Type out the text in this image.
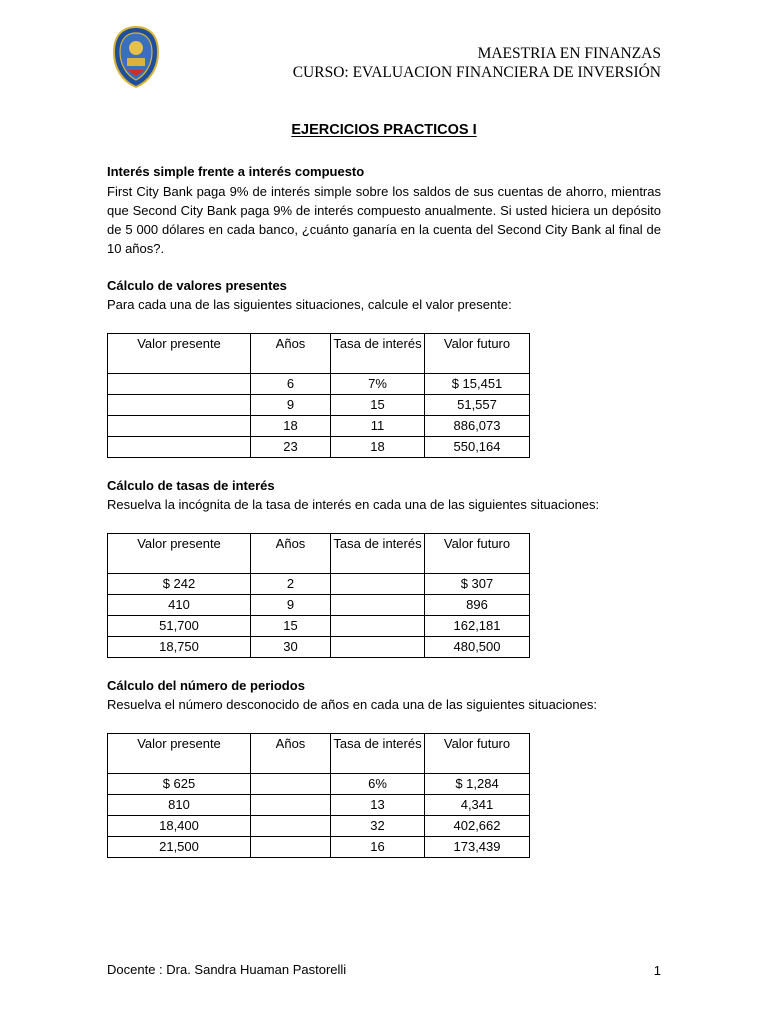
MAESTRIA EN FINANZAS
CURSO: EVALUACION FINANCIERA DE INVERSIÓN
EJERCICIOS PRACTICOS I
Interés simple frente a interés compuesto
First City Bank paga 9% de interés simple sobre los saldos de sus cuentas de ahorro, mientras que Second City Bank paga 9% de interés compuesto anualmente. Si usted hiciera un depósito de 5 000 dólares en cada banco, ¿cuánto ganaría en la cuenta del Second City Bank al final de 10 años?.
Cálculo de valores presentes
Para cada una de las siguientes situaciones, calcule el valor presente:
Valor presente	Años	Tasa de interés	Valor futuro
	6	7%	$ 15,451
	9	15	51,557
	18	11	886,073
	23	18	550,164
Cálculo de tasas de interés
Resuelva la incógnita de la tasa de interés en cada una de las siguientes situaciones:
Valor presente	Años	Tasa de interés	Valor futuro
$ 242	2		$ 307
410	9		896
51,700	15		162,181
18,750	30		480,500
Cálculo del número de periodos
Resuelva el número desconocido de años en cada una de las siguientes situaciones:
Valor presente	Años	Tasa de interés	Valor futuro
$ 625		6%	$ 1,284
810		13	4,341
18,400		32	402,662
21,500		16	173,439
Docente : Dra. Sandra Huaman Pastorelli	1
